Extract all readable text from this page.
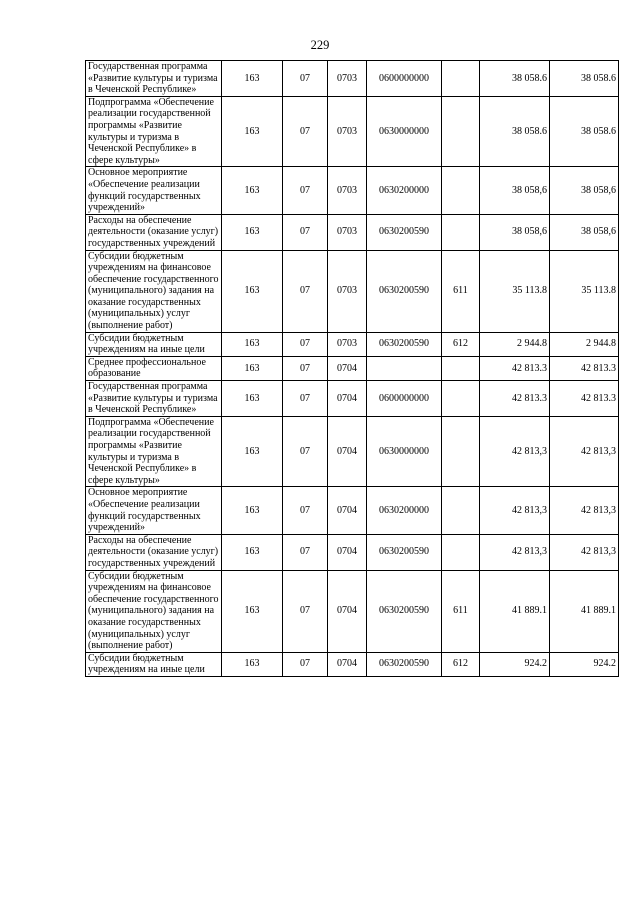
229
Государственная программа «Развитие культуры и туризма в Чеченской Республике»	163	07	0703	0600000000		38 058.6	38 058.6
Подпрограмма «Обеспечение реализации государственной программы «Развитие культуры и туризма в Чеченской Республике» в сфере культуры»	163	07	0703	0630000000		38 058.6	38 058.6
Основное мероприятие «Обеспечение реализации функций государственных учреждений»	163	07	0703	0630200000		38 058,6	38 058,6
Расходы на обеспечение деятельности (оказание услуг) государственных учреждений	163	07	0703	0630200590		38 058,6	38 058,6
Субсидии бюджетным учреждениям на финансовое обеспечение государственного (муниципального) задания на оказание государственных (муниципальных) услуг (выполнение работ)	163	07	0703	0630200590	611	35 113.8	35 113.8
Субсидии бюджетным учреждениям на иные цели	163	07	0703	0630200590	612	2 944.8	2 944.8
Среднее профессиональное образование	163	07	0704			42 813.3	42 813.3
Государственная программа «Развитие культуры и туризма в Чеченской Республике»	163	07	0704	0600000000		42 813.3	42 813.3
Подпрограмма «Обеспечение реализации государственной программы «Развитие культуры и туризма в Чеченской Республике» в сфере культуры»	163	07	0704	0630000000		42 813,3	42 813,3
Основное мероприятие «Обеспечение реализации функций государственных учреждений»	163	07	0704	0630200000		42 813,3	42 813,3
Расходы на обеспечение деятельности (оказание услуг) государственных учреждений	163	07	0704	0630200590		42 813,3	42 813,3
Субсидии бюджетным учреждениям на финансовое обеспечение государственного (муниципального) задания на оказание государственных (муниципальных) услуг (выполнение работ)	163	07	0704	0630200590	611	41 889.1	41 889.1
Субсидии бюджетным учреждениям на иные цели	163	07	0704	0630200590	612	924.2	924.2
